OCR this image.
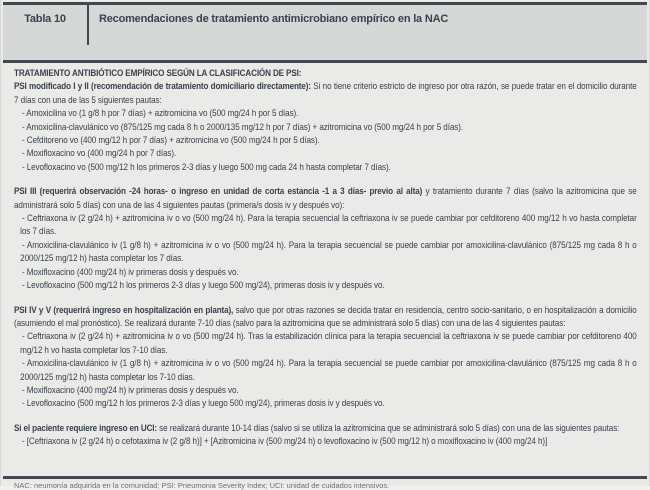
Tabla 10	Recomendaciones de tratamiento antimicrobiano empírico en la NAC
TRATAMIENTO ANTIBIÓTICO EMPÍRICO SEGÚN LA CLASIFICACIÓN DE PSI:
PSI modificado I y II (recomendación de tratamiento domiciliario directamente): Si no tiene criterio estricto de ingreso por otra razón, se puede tratar en el domicilio durante 7 días con una de las 5 siguientes pautas:
- Amoxicilina vo (1 g/8 h por 7 días) + azitromicina vo (500 mg/24 h por 5 días).
- Amoxicilina-clavulánico vo (875/125 mg cada 8 h o 2000/135 mg/12 h por 7 días) + azitromicina vo (500 mg/24 h por 5 días).
- Cefditoreno vo (400 mg/12 h por 7 días) + azitromicina vo (500 mg/24 h por 5 días).
- Moxifloxacino vo (400 mg/24 h por 7 días).
- Levofloxacino vo (500 mg/12 h los primeros 2-3 días y luego 500 mg cada 24 h hasta completar 7 días).
PSI III (requerirá observación -24 horas- o ingreso en unidad de corta estancia -1 a 3 días- previo al alta) y tratamiento durante 7 días (salvo la azitromicina que se administrará solo 5 días) con una de las 4 siguientes pautas (primera/s dosis iv y después vo):
- Ceftriaxona iv (2 g/24 h) + azitromicina iv o vo (500 mg/24 h). Para la terapia secuencial la ceftriaxona iv se puede cambiar por cefditoreno 400 mg/12 h vo hasta completar los 7 días.
- Amoxicilina-clavulánico iv (1 g/8 h) + azitromicina iv o vo (500 mg/24 h). Para la terapia secuencial se puede cambiar por amoxicilina-clavulánico (875/125 mg cada 8 h o 2000/125 mg/12 h) hasta completar los 7 días.
- Moxifloxacino (400 mg/24 h) iv primeras dosis y después vo.
- Levofloxacino (500 mg/12 h los primeros 2-3 días y luego 500 mg/24), primeras dosis iv y después vo.
PSI IV y V (requerirá ingreso en hospitalización en planta), salvo que por otras razones se decida tratar en residencia, centro socio-sanitario, o en hospitalización a domicilio (asumiendo el mal pronóstico). Se realizará durante 7-10 días (salvo para la azitromicina que se administrará solo 5 días) con una de las 4 siguientes pautas:
- Ceftriaxona iv (2 g/24 h) + azitromicina iv o vo (500 mg/24 h). Tras la estabilización clínica para la terapia secuencial la ceftriaxona iv se puede cambiar por cefditoreno 400 mg/12 h vo hasta completar los 7-10 días.
- Amoxicilina-clavulánico iv (1 g/8 h) + azitromicina iv o vo (500 mg/24 h). Para la terapia secuencial se puede cambiar por amoxicilina-clavulánico (875/125 mg cada 8 h o 2000/125 mg/12 h) hasta completar los 7-10 días.
- Moxifloxacino (400 mg/24 h) iv primeras dosis y después vo.
- Levofloxacino (500 mg/12 h los primeros 2-3 días y luego 500 mg/24), primeras dosis iv y después vo.
Si el paciente requiere ingreso en UCI: se realizará durante 10-14 días (salvo si se utiliza la azitromicina que se administrará solo 5 días) con una de las siguientes pautas:
- [Ceftriaxona iv (2 g/24 h) o cefotaxima iv (2 g/8 h)] + [Azitromicina iv (500 mg/24 h) o levofloxacino iv (500 mg/12 h) o moxifloxacino iv (400 mg/24 h)]
NAC: neumonía adquirida en la comunidad; PSI: Pneumonia Severity Index; UCI: unidad de cuidados intensivos.
